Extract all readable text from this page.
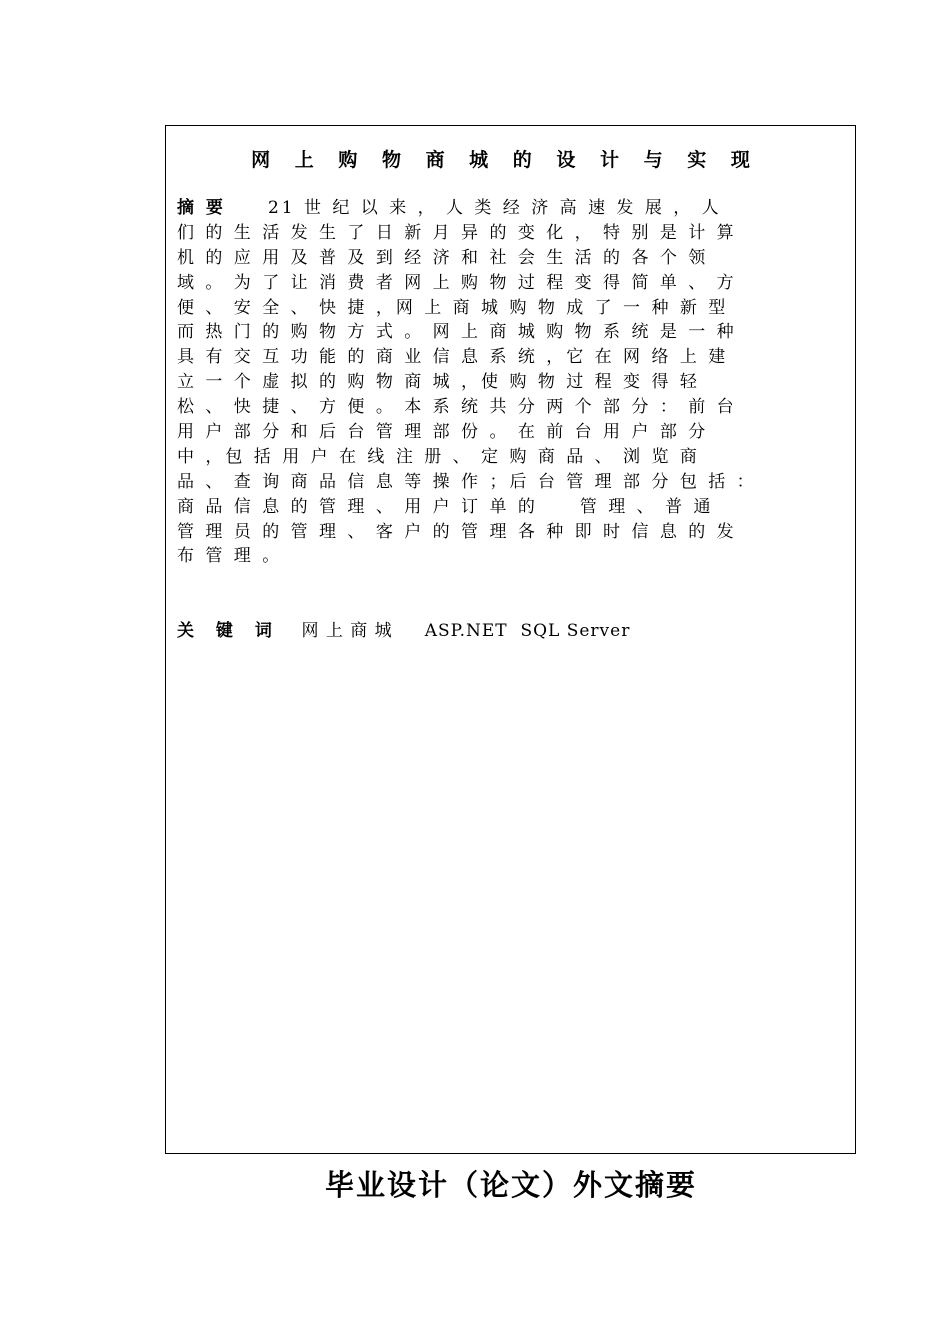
网 上 购 物 商 城 的 设 计 与 实 现
摘 要     21 世 纪 以 来 ， 人 类 经 济 高 速 发 展 ， 人
们 的 生 活 发 生 了 日 新 月 异 的 变 化 ， 特 别 是 计 算
机 的 应 用 及 普 及 到 经 济 和 社 会 生 活 的 各 个 领
域 。 为 了 让 消 费 者 网 上 购 物 过 程 变 得 简 单 、 方
便 、 安 全 、 快 捷 ，网 上 商 城 购 物 成 了 一 种 新 型
而 热 门 的 购 物 方 式 。 网 上 商 城 购 物 系 统 是 一 种
具 有 交 互 功 能 的 商 业 信 息 系 统 ，它 在 网 络 上 建
立 一 个 虚 拟 的 购 物 商 城 ，使 购 物 过 程 变 得 轻
松 、 快 捷 、 方 便 。 本 系 统 共 分 两 个 部 分 ： 前 台
用 户 部 分 和 后 台 管 理 部 份 。 在 前 台 用 户 部 分
中 ，包 括 用 户 在 线 注 册 、 定 购 商 品 、 浏 览 商
品 、 查 询 商 品 信 息 等 操 作 ；后 台 管 理 部 分 包 括 ：
商 品 信 息 的 管 理 、 用 户 订 单 的     管 理 、 普 通
管 理 员 的 管 理 、 客 户 的 管 理 各 种 即 时 信 息 的 发
布 管 理 。
关 键 词 网 上 商 城     ASP.NET  SQL Server
毕业设计（论文）外文摘要
